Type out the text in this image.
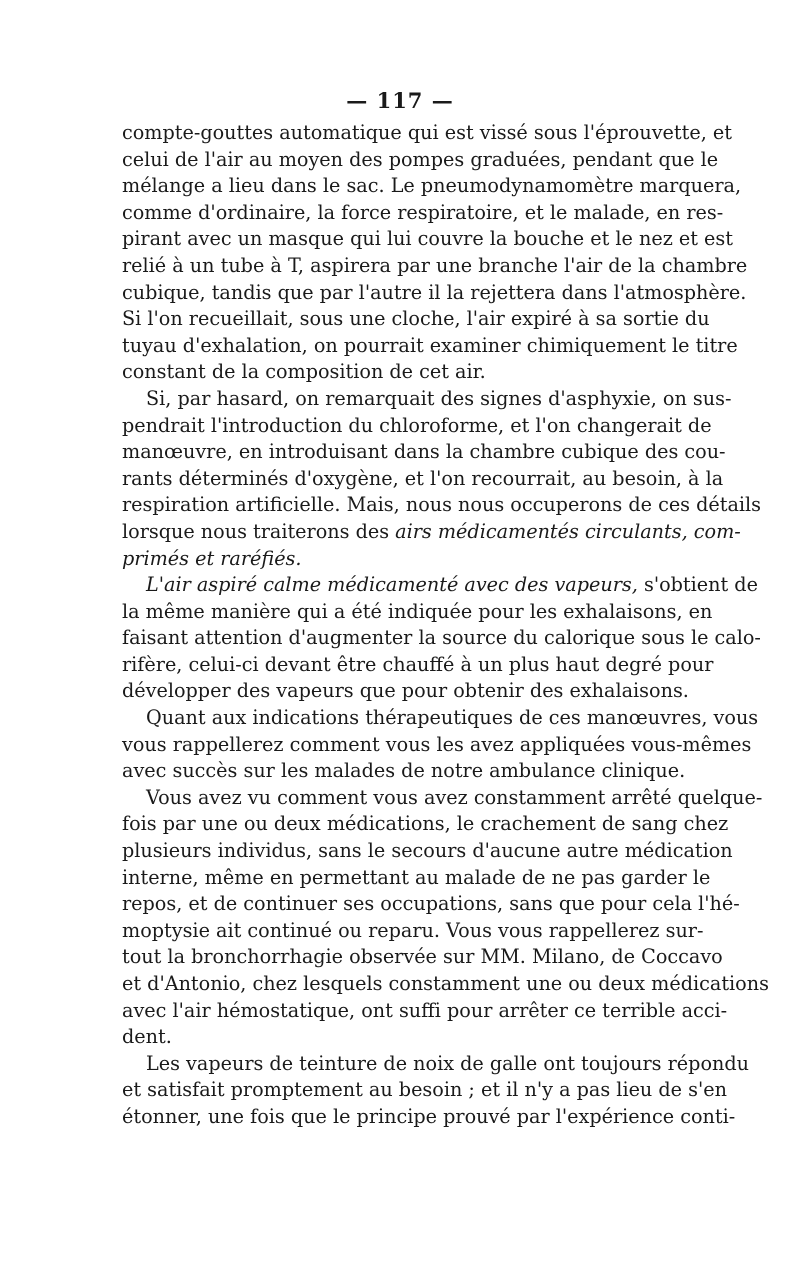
— 117 —
compte-gouttes automatique qui est vissé sous l'éprouvette, et
celui de l'air au moyen des pompes graduées, pendant que le
mélange a lieu dans le sac. Le pneumodynamomètre marquera,
comme d'ordinaire, la force respiratoire, et le malade, en res-
pirant avec un masque qui lui couvre la bouche et le nez et est
relié à un tube à T, aspirera par une branche l'air de la chambre
cubique, tandis que par l'autre il la rejettera dans l'atmosphère.
Si l'on recueillait, sous une cloche, l'air expiré à sa sortie du
tuyau d'exhalation, on pourrait examiner chimiquement le titre
constant de la composition de cet air.
Si, par hasard, on remarquait des signes d'asphyxie, on sus-
pendrait l'introduction du chloroforme, et l'on changerait de
manœuvre, en introduisant dans la chambre cubique des cou-
rants déterminés d'oxygène, et l'on recourrait, au besoin, à la
respiration artificielle. Mais, nous nous occuperons de ces détails
lorsque nous traiterons des airs médicamentés circulants, com-
primés et raréfiés.
L'air aspiré calme médicamenté avec des vapeurs, s'obtient de
la même manière qui a été indiquée pour les exhalaisons, en
faisant attention d'augmenter la source du calorique sous le calo-
rifère, celui-ci devant être chauffé à un plus haut degré pour
développer des vapeurs que pour obtenir des exhalaisons.
Quant aux indications thérapeutiques de ces manœuvres, vous
vous rappellerez comment vous les avez appliquées vous-mêmes
avec succès sur les malades de notre ambulance clinique.
Vous avez vu comment vous avez constamment arrêté quelque-
fois par une ou deux médications, le crachement de sang chez
plusieurs individus, sans le secours d'aucune autre médication
interne, même en permettant au malade de ne pas garder le
repos, et de continuer ses occupations, sans que pour cela l'hé-
moptysie ait continué ou reparu. Vous vous rappellerez sur-
tout la bronchorrhagie observée sur MM. Milano, de Coccavo
et d'Antonio, chez lesquels constamment une ou deux médications
avec l'air hémostatique, ont suffi pour arrêter ce terrible acci-
dent.
Les vapeurs de teinture de noix de galle ont toujours répondu
et satisfait promptement au besoin ; et il n'y a pas lieu de s'en
étonner, une fois que le principe prouvé par l'expérience conti-
